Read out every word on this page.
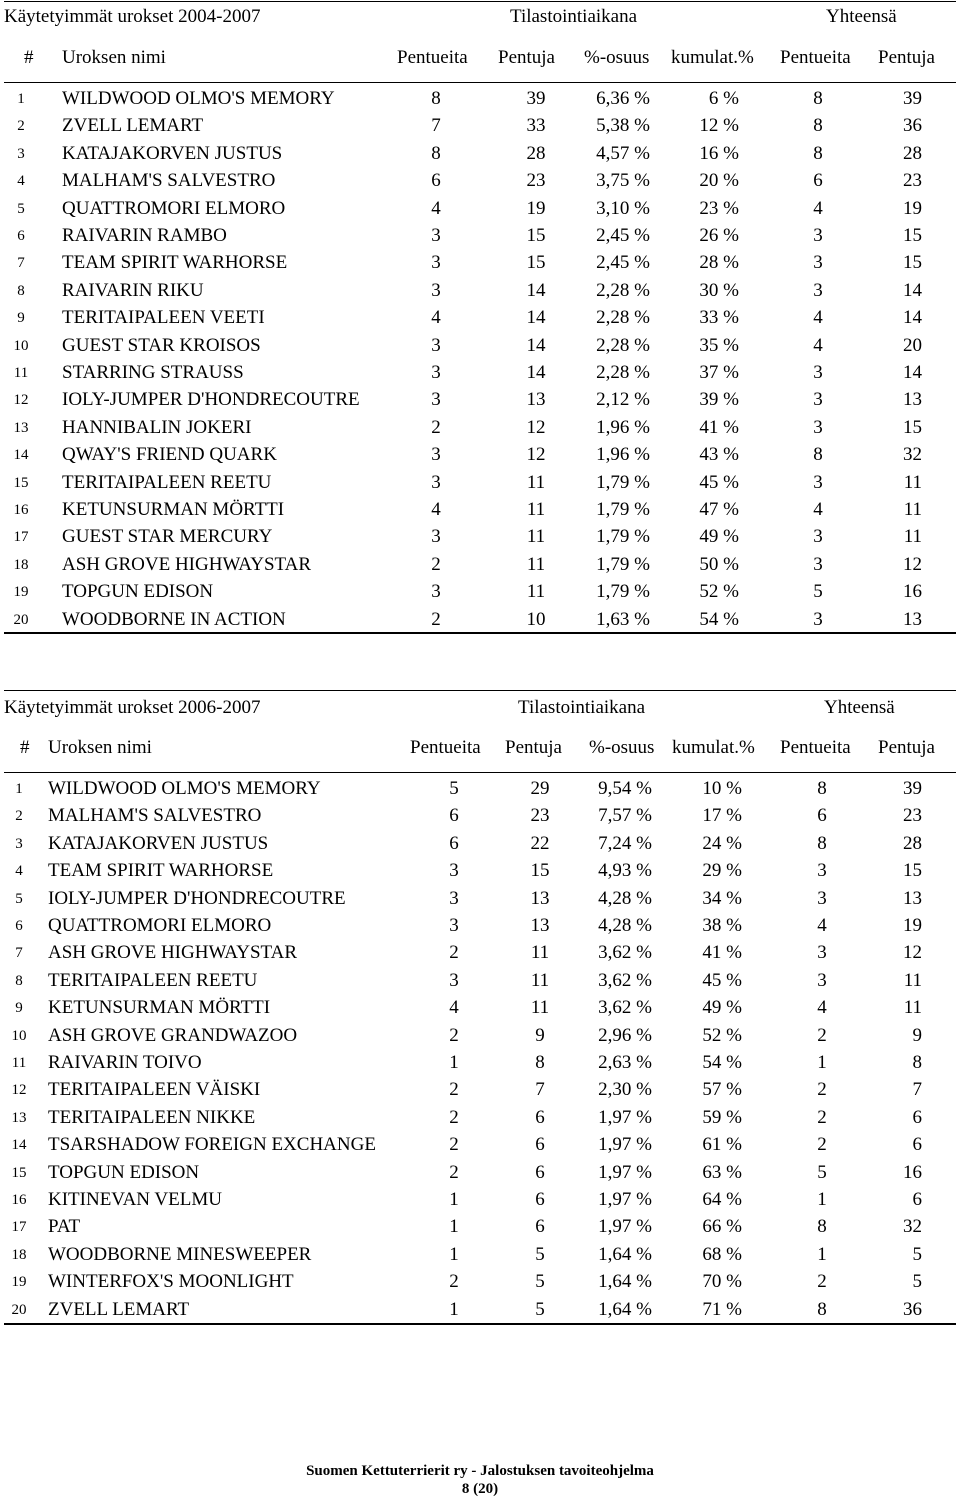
Käytetyimmät urokset 2004-2007	Tilastointiaikana	Yhteensä
# Uroksen nimi	Pentueita Pentuja %-osuus kumulat.% Pentueita Pentuja
1	WILDWOOD OLMO'S MEMORY	8	39	6,36 %	6 %	8	39
2	ZVELL LEMART	7	33	5,38 %	12 %	8	36
3	KATAJAKORVEN JUSTUS	8	28	4,57 %	16 %	8	28
4	MALHAM'S SALVESTRO	6	23	3,75 %	20 %	6	23
5	QUATTROMORI ELMORO	4	19	3,10 %	23 %	4	19
6	RAIVARIN RAMBO	3	15	2,45 %	26 %	3	15
7	TEAM SPIRIT WARHORSE	3	15	2,45 %	28 %	3	15
8	RAIVARIN RIKU	3	14	2,28 %	30 %	3	14
9	TERITAIPALEEN VEETI	4	14	2,28 %	33 %	4	14
10	GUEST STAR KROISOS	3	14	2,28 %	35 %	4	20
11	STARRING STRAUSS	3	14	2,28 %	37 %	3	14
12	IOLY-JUMPER D'HONDRECOUTRE	3	13	2,12 %	39 %	3	13
13	HANNIBALIN JOKERI	2	12	1,96 %	41 %	3	15
14	QWAY'S FRIEND QUARK	3	12	1,96 %	43 %	8	32
15	TERITAIPALEEN REETU	3	11	1,79 %	45 %	3	11
16	KETUNSURMAN MÖRTTI	4	11	1,79 %	47 %	4	11
17	GUEST STAR MERCURY	3	11	1,79 %	49 %	3	11
18	ASH GROVE HIGHWAYSTAR	2	11	1,79 %	50 %	3	12
19	TOPGUN EDISON	3	11	1,79 %	52 %	5	16
20	WOODBORNE IN ACTION	2	10	1,63 %	54 %	3	13
Käytetyimmät urokset 2006-2007	Tilastointiaikana	Yhteensä
# Uroksen nimi	Pentueita Pentuja %-osuus kumulat.% Pentueita Pentuja
1	WILDWOOD OLMO'S MEMORY	5	29	9,54 %	10 %	8	39
2	MALHAM'S SALVESTRO	6	23	7,57 %	17 %	6	23
3	KATAJAKORVEN JUSTUS	6	22	7,24 %	24 %	8	28
4	TEAM SPIRIT WARHORSE	3	15	4,93 %	29 %	3	15
5	IOLY-JUMPER D'HONDRECOUTRE	3	13	4,28 %	34 %	3	13
6	QUATTROMORI ELMORO	3	13	4,28 %	38 %	4	19
7	ASH GROVE HIGHWAYSTAR	2	11	3,62 %	41 %	3	12
8	TERITAIPALEEN REETU	3	11	3,62 %	45 %	3	11
9	KETUNSURMAN MÖRTTI	4	11	3,62 %	49 %	4	11
10	ASH GROVE GRANDWAZOO	2	9	2,96 %	52 %	2	9
11	RAIVARIN TOIVO	1	8	2,63 %	54 %	1	8
12	TERITAIPALEEN VÄISKI	2	7	2,30 %	57 %	2	7
13	TERITAIPALEEN NIKKE	2	6	1,97 %	59 %	2	6
14	TSARSHADOW FOREIGN EXCHANGE	2	6	1,97 %	61 %	2	6
15	TOPGUN EDISON	2	6	1,97 %	63 %	5	16
16	KITINEVAN VELMU	1	6	1,97 %	64 %	1	6
17	PAT	1	6	1,97 %	66 %	8	32
18	WOODBORNE MINESWEEPER	1	5	1,64 %	68 %	1	5
19	WINTERFOX'S MOONLIGHT	2	5	1,64 %	70 %	2	5
20	ZVELL LEMART	1	5	1,64 %	71 %	8	36
Suomen Kettuterrierit ry - Jalostuksen tavoiteohjelma
8 (20)
